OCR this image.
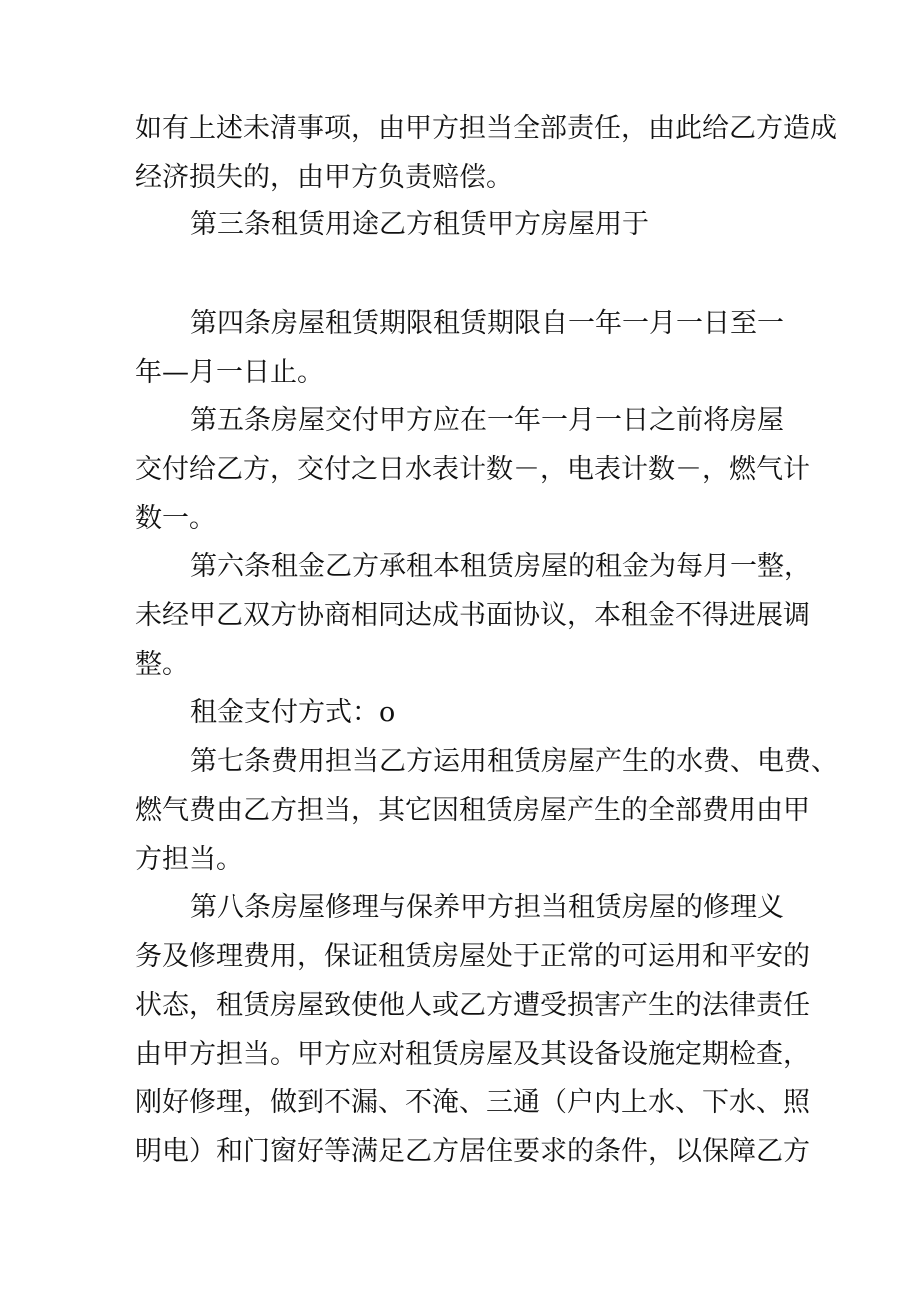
如有上述未清事项，由甲方担当全部责任，由此给乙方造成
经济损失的，由甲方负责赔偿。
第三条租赁用途乙方租赁甲方房屋用于
第四条房屋租赁期限租赁期限自一年一月一日至一
年—月一日止。
第五条房屋交付甲方应在一年一月一日之前将房屋
交付给乙方，交付之日水表计数－，电表计数－，燃气计
数一。
第六条租金乙方承租本租赁房屋的租金为每月一整，
未经甲乙双方协商相同达成书面协议，本租金不得进展调
整。
租金支付方式：o
第七条费用担当乙方运用租赁房屋产生的水费、电费、
燃气费由乙方担当，其它因租赁房屋产生的全部费用由甲
方担当。
第八条房屋修理与保养甲方担当租赁房屋的修理义
务及修理费用，保证租赁房屋处于正常的可运用和平安的
状态，租赁房屋致使他人或乙方遭受损害产生的法律责任
由甲方担当。甲方应对租赁房屋及其设备设施定期检查，
刚好修理，做到不漏、不淹、三通（户内上水、下水、照
明电）和门窗好等满足乙方居住要求的条件，以保障乙方
